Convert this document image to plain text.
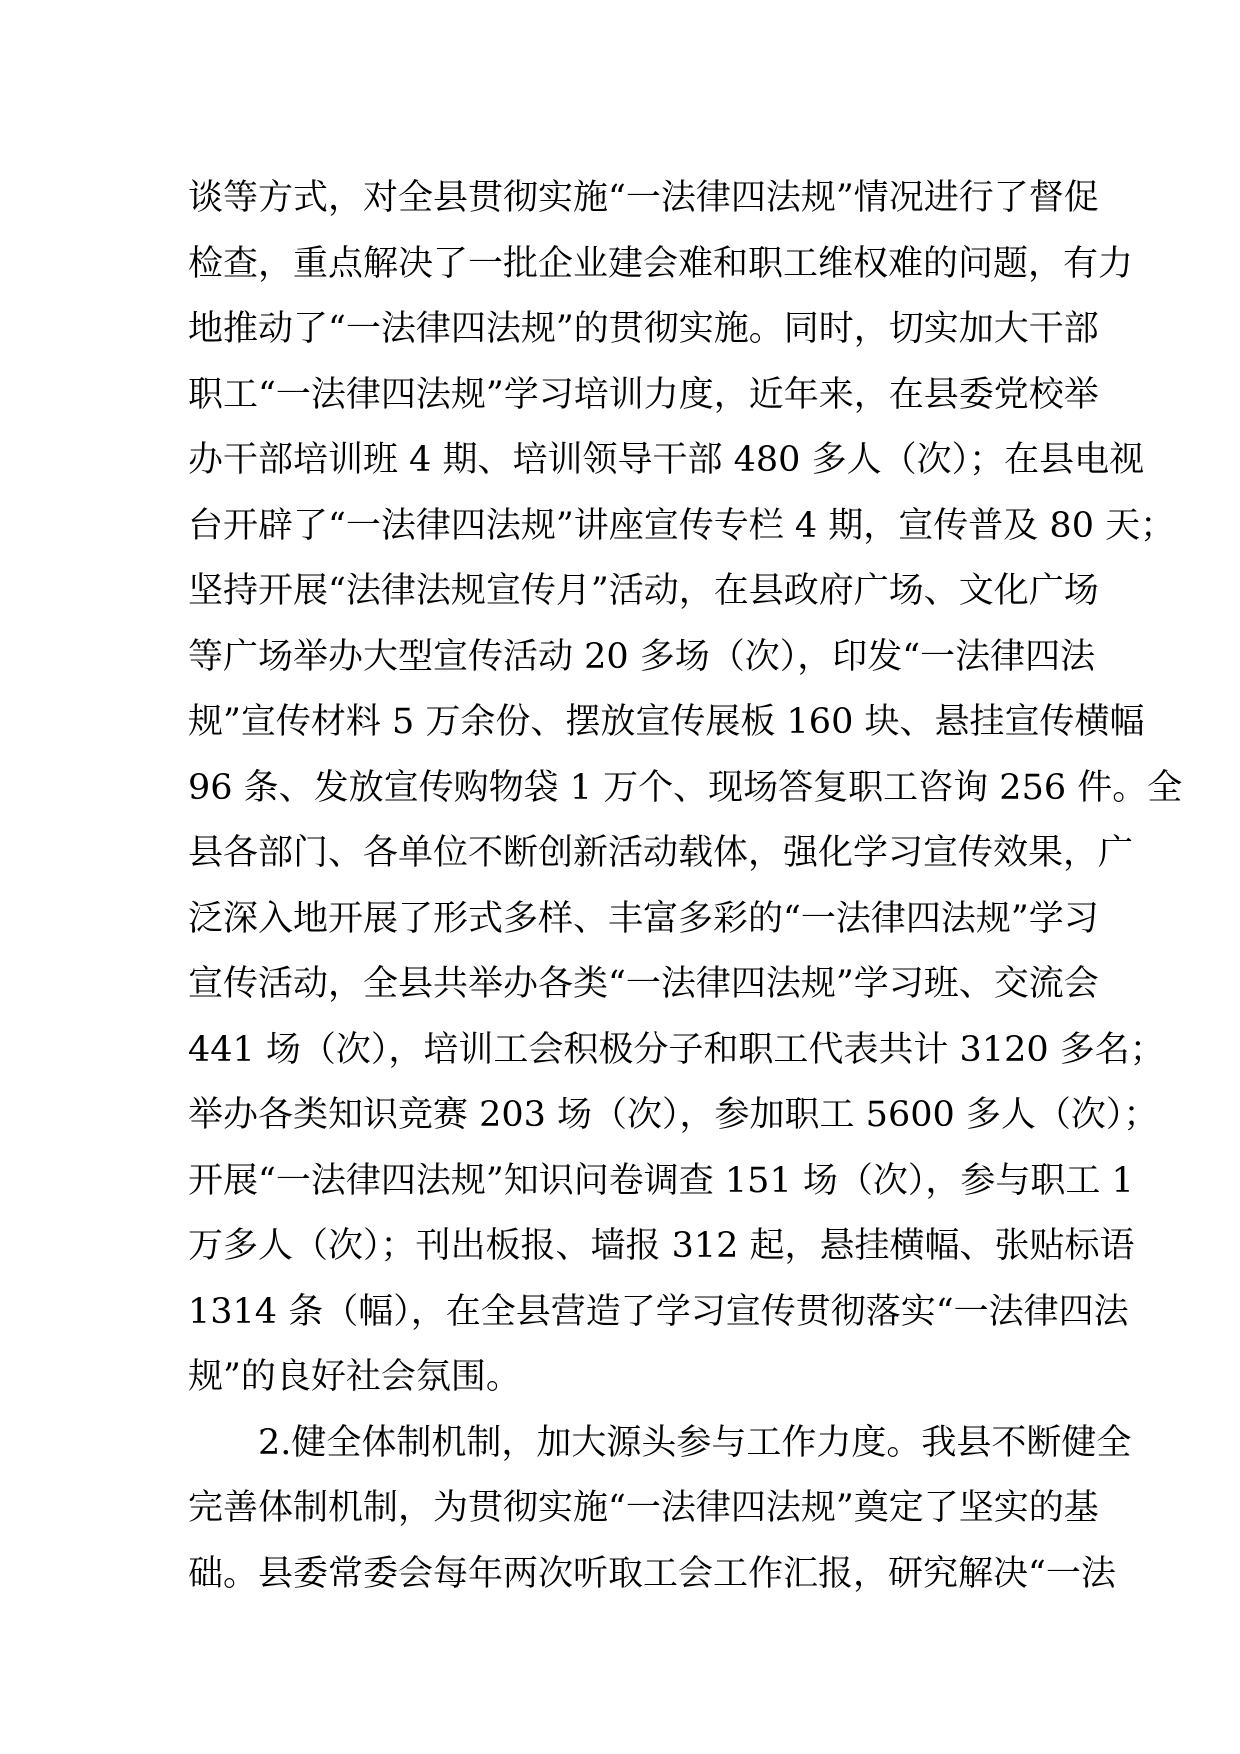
谈等方式，对全县贯彻实施“一法律四法规”情况进行了督促
检查，重点解决了一批企业建会难和职工维权难的问题，有力
地推动了“一法律四法规”的贯彻实施。同时，切实加大干部
职工“一法律四法规”学习培训力度，近年来，在县委党校举
办干部培训班 4 期、培训领导干部 480 多人（次）；在县电视
台开辟了“一法律四法规”讲座宣传专栏 4 期，宣传普及 80 天；
坚持开展“法律法规宣传月”活动，在县政府广场、文化广场
等广场举办大型宣传活动 20 多场（次），印发“一法律四法
规”宣传材料 5 万余份、摆放宣传展板 160 块、悬挂宣传横幅
96 条、发放宣传购物袋 1 万个、现场答复职工咨询 256 件。全
县各部门、各单位不断创新活动载体，强化学习宣传效果，广
泛深入地开展了形式多样、丰富多彩的“一法律四法规”学习
宣传活动，全县共举办各类“一法律四法规”学习班、交流会
441 场（次），培训工会积极分子和职工代表共计 3120 多名；
举办各类知识竞赛 203 场（次），参加职工 5600 多人（次）；
开展“一法律四法规”知识问卷调查 151 场（次），参与职工 1
万多人（次）；刊出板报、墙报 312 起，悬挂横幅、张贴标语
1314 条（幅），在全县营造了学习宣传贯彻落实“一法律四法
规”的良好社会氛围。
2.健全体制机制，加大源头参与工作力度。我县不断健全
完善体制机制，为贯彻实施“一法律四法规”奠定了坚实的基
础。县委常委会每年两次听取工会工作汇报，研究解决“一法
